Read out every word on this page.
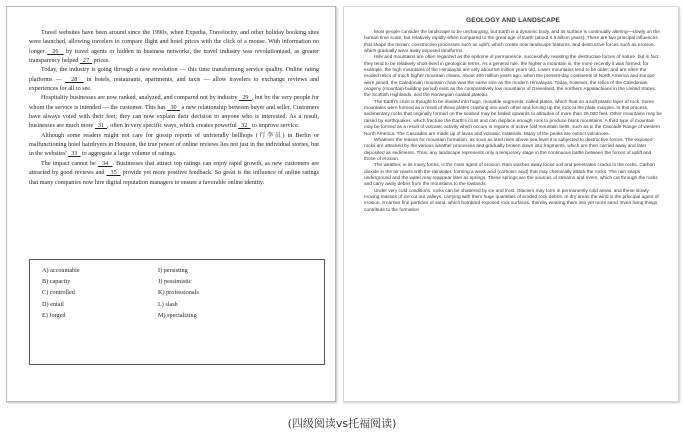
Travel websites have been around since the 1990s, when Expedia, Travelocity, and other holiday booking sites were launched, allowing travelers to compare flight and hotel prices with the click of a mouse. With information no longer   26   by travel agents or hidden in business networks, the travel industry was revolutionized, as greater transparency helped   27   prices.

Today, the industry is going through a new revolution — this time transforming service quality. Online rating platforms —   28   in hotels, restaurants, apartments, and taxis — allow travelers to exchange reviews and experiences for all to see.

Hospitality businesses are now ranked, analyzed, and compared not by industry   29  , but by the very people for whom the service is intended — the customer. This has   30   a new relationship between buyer and seller. Customers have always voted with their feet; they can now explain their decision to anyone who is interested. As a result, businesses are much more   31  , often in very specific ways, which creates powerful   32   to improve service.

Although some readers might not care for gossip reports of unfriendly bellhops (行李员) in Berlin or malfunctioning hotel hairdryers in Houston, the true power of online reviews lies not just in the individual stories, but in the websites'   33   to aggregate a large volume of ratings.

The impact cannot be   34  . Businesses that attract top ratings can enjoy rapid growth, as new customers are attracted by good reviews and   35   provide yet more positive feedback. So great is the influence of online ratings that many companies now hire digital reputation managers to ensure a favorable online identity.

A) accountable	I) persisting
B) capacity	J) pessimistic
C) controlled	K) professionals
D) entail	L) slash
E) forged	M) specializing
GEOLOGY AND LANDSCAPE

Most people consider the landscape to be unchanging, but Earth is a dynamic body, and its surface is continually altering—slowly on the human time scale, but relatively rapidly when compared to the great age of Earth (about 4.5 billion years). There are two principal influences that shape the terrain: constructive processes such as uplift, which create new landscape features, and destructive forces such as erosion, which gradually wear away exposed landforms.

Hills and mountains are often regarded as the epitome of permanence, successfully resisting the destructive forces of nature, but in fact they tend to be relatively short-lived in geological terms. As a general rule, the higher a mountain is, the more recently it was formed; for example, the high mountains of the Himalayas are only about 50 million years old. Lower mountains tend to be older, and are often the eroded relics of much higher mountain chains. About 400 million years ago, when the present-day continents of North America and Europe were joined, the Caledonian mountain chain was the same size as the modern Himalayas. Today, however, the relics of the Caledonian orogeny (mountain-building period) exist as the comparatively low mountains of Greenland, the northern Appalachians in the United States, the Scottish Highlands, and the Norwegian coastal plateau.

The Earth's crust is thought to be divided into huge, movable segments, called plates, which float on a soft plastic layer of rock. Some mountains were formed as a result of these plates crashing into each other and forcing up the rock at the plate margins. In this process, sedimentary rocks that originally formed on the seabed may be folded upwards to altitudes of more than 26,000 feet. Other mountains may be raised by earthquakes, which fracture the Earth's crust and can displace enough rock to produce block mountains. A third type of mountain may be formed as a result of volcanic activity which occurs in regions of active fold mountain belts, such as in the Cascade Range of western North America. The Cascades are made up of lavas and volcanic materials. Many of the peaks are extinct volcanoes.

Whatever the reason for mountain formation, as soon as land rises above sea level it is subjected to destructive forces. The exposed rocks are attacked by the various weather processes and gradually broken down into fragments, which are then carried away and later deposited as sediments. Thus, any landscape represents only a temporary stage in the continuous battle between the forces of uplift and those of erosion.

The weather, in its many forms, is the main agent of erosion. Rain washes away loose soil and penetrates cracks in the rocks. Carbon dioxide in the air reacts with the rainwater, forming a weak acid (carbonic acid) that may chemically attack the rocks. The rain seeps underground and the water may reappear later as springs. These springs are the sources of streams and rivers, which cut through the rocks and carry away debris from the mountains to the lowlands.

Under very cold conditions, rocks can be shattered by ice and frost. Glaciers may form in permanently cold areas, and these slowly moving masses of ice cut out valleys, carrying with them huge quantities of eroded rock debris. In dry areas the wind is the principal agent of erosion. It carries fine particles of sand, which bombard exposed rock surfaces, thereby wearing them into yet more sand. Even living things contribute to the formation

(四级阅读vs托福阅读)
